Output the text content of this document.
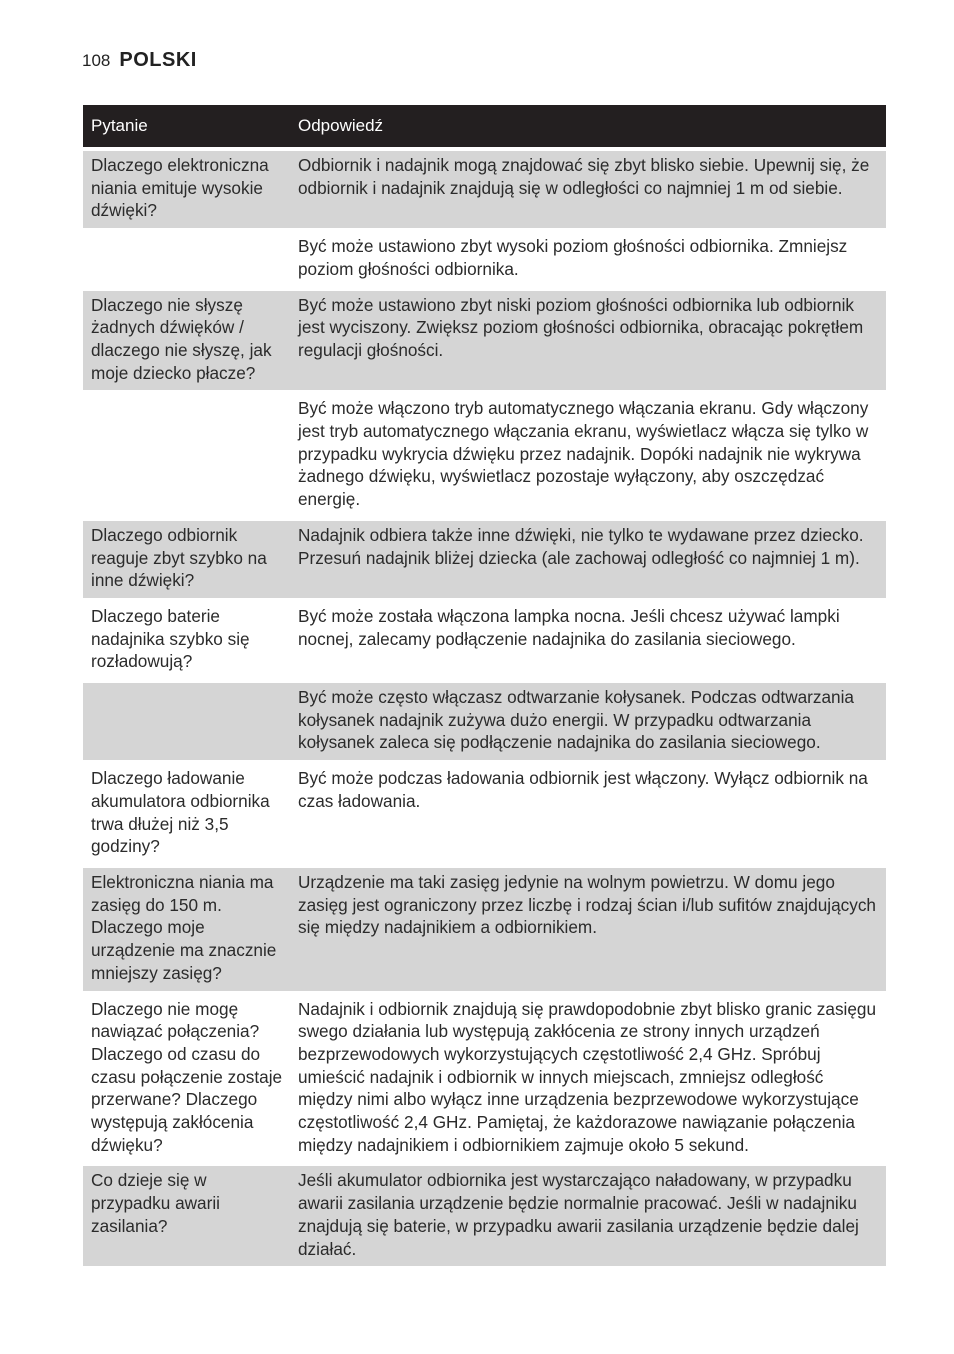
108 POLSKI
Pytanie	Odpowiedź
Dlaczego elektroniczna niania emituje wysokie dźwięki?	Odbiornik i nadajnik mogą znajdować się zbyt blisko siebie. Upewnij się, że odbiornik i nadajnik znajdują się w odległości co najmniej 1 m od siebie.
	Być może ustawiono zbyt wysoki poziom głośności odbiornika. Zmniejsz poziom głośności odbiornika.
Dlaczego nie słyszę żadnych dźwięków / dlaczego nie słyszę, jak moje dziecko płacze?	Być może ustawiono zbyt niski poziom głośności odbiornika lub odbiornik jest wyciszony. Zwiększ poziom głośności odbiornika, obracając pokrętłem regulacji głośności.
	Być może włączono tryb automatycznego włączania ekranu. Gdy włączony jest tryb automatycznego włączania ekranu, wyświetlacz włącza się tylko w przypadku wykrycia dźwięku przez nadajnik. Dopóki nadajnik nie wykrywa żadnego dźwięku, wyświetlacz pozostaje wyłączony, aby oszczędzać energię.
Dlaczego odbiornik reaguje zbyt szybko na inne dźwięki?	Nadajnik odbiera także inne dźwięki, nie tylko te wydawane przez dziecko. Przesuń nadajnik bliżej dziecka (ale zachowaj odległość co najmniej 1 m).
Dlaczego baterie nadajnika szybko się rozładowują?	Być może została włączona lampka nocna. Jeśli chcesz używać lampki nocnej, zalecamy podłączenie nadajnika do zasilania sieciowego.
	Być może często włączasz odtwarzanie kołysanek. Podczas odtwarzania kołysanek nadajnik zużywa dużo energii. W przypadku odtwarzania kołysanek zaleca się podłączenie nadajnika do zasilania sieciowego.
Dlaczego ładowanie akumulatora odbiornika trwa dłużej niż 3,5 godziny?	Być może podczas ładowania odbiornik jest włączony. Wyłącz odbiornik na czas ładowania.
Elektroniczna niania ma zasięg do 150 m. Dlaczego moje urządzenie ma znacznie mniejszy zasięg?	Urządzenie ma taki zasięg jedynie na wolnym powietrzu. W domu jego zasięg jest ograniczony przez liczbę i rodzaj ścian i/lub sufitów znajdujących się między nadajnikiem a odbiornikiem.
Dlaczego nie mogę nawiązać połączenia? Dlaczego od czasu do czasu połączenie zostaje przerwane? Dlaczego występują zakłócenia dźwięku?	Nadajnik i odbiornik znajdują się prawdopodobnie zbyt blisko granic zasięgu swego działania lub występują zakłócenia ze strony innych urządzeń bezprzewodowych wykorzystujących częstotliwość 2,4 GHz. Spróbuj umieścić nadajnik i odbiornik w innych miejscach, zmniejsz odległość między nimi albo wyłącz inne urządzenia bezprzewodowe wykorzystujące częstotliwość 2,4 GHz. Pamiętaj, że każdorazowe nawiązanie połączenia między nadajnikiem i odbiornikiem zajmuje około 5 sekund.
Co dzieje się w przypadku awarii zasilania?	Jeśli akumulator odbiornika jest wystarczająco naładowany, w przypadku awarii zasilania urządzenie będzie normalnie pracować. Jeśli w nadajniku znajdują się baterie, w przypadku awarii zasilania urządzenie będzie dalej działać.
